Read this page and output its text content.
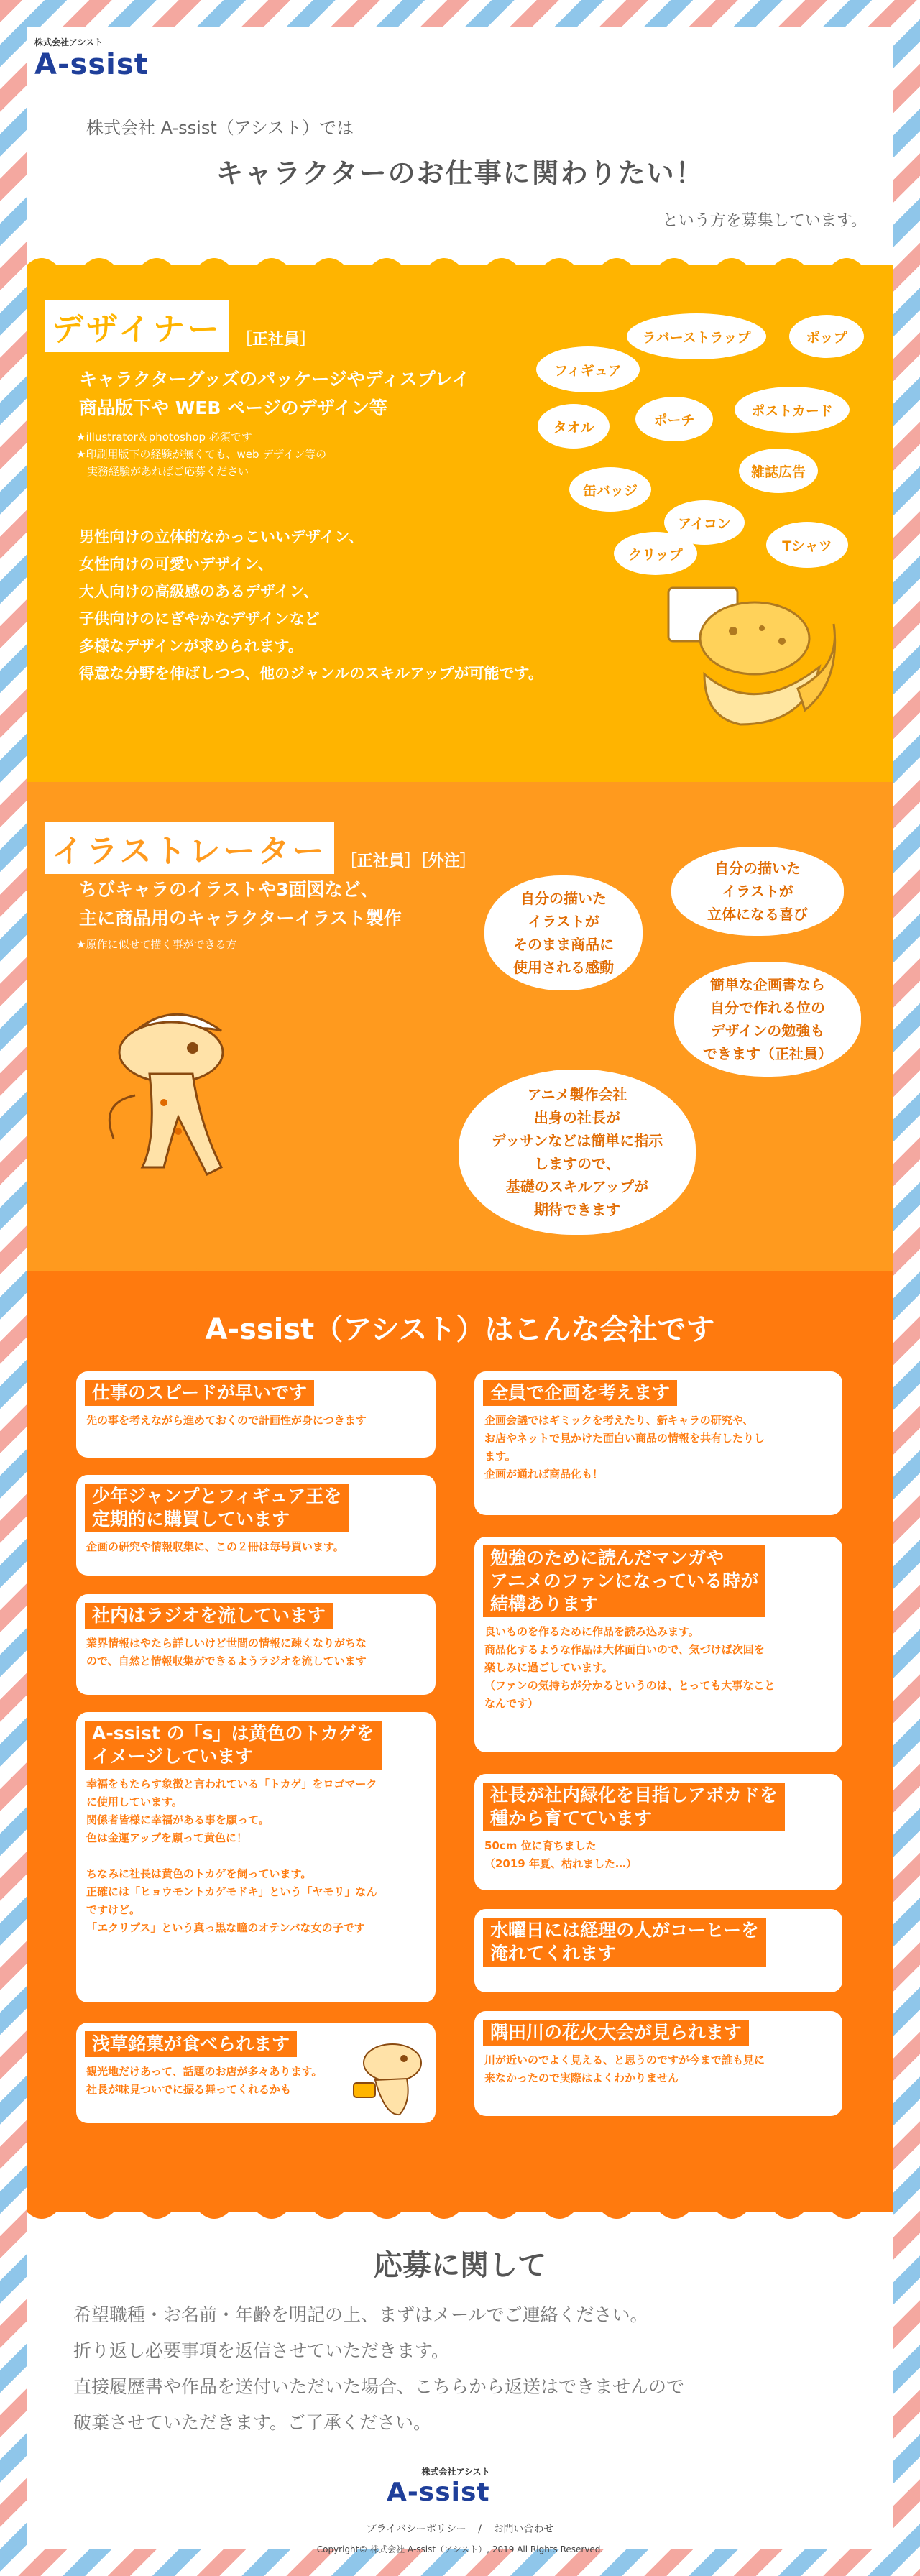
株式会社アシスト
A-ssist
株式会社 A-ssist（アシスト）では
キャラクターのお仕事に関わりたい！
という方を募集しています。
デザイナー ［正社員］
キャラクターグッズのパッケージやディスプレイ
商品版下や WEB ページのデザイン等
★illustrator＆photoshop 必須です
★印刷用版下の経験が無くても、web デザイン等の
　実務経験があればご応募ください
男性向けの立体的なかっこいいデザイン、
女性向けの可愛いデザイン、
大人向けの高級感のあるデザイン、
子供向けのにぎやかなデザインなど
多様なデザインが求められます。
得意な分野を伸ばしつつ、他のジャンルのスキルアップが可能です。
ラバーストラップ	ポップ
フィギュア
タオル	ポーチ
ポストカード
雑誌広告
缶バッジ
アイコン
Tシャツ
クリップ
イラストレーター ［正社員］［外注］
ちびキャラのイラストや3面図など、
主に商品用のキャラクターイラスト製作
★原作に似せて描く事ができる方
自分の描いた
イラストが
そのまま商品に
使用される感動
自分の描いた
イラストが
立体になる喜び
簡単な企画書なら
自分で作れる位の
デザインの勉強も
できます（正社員）
アニメ製作会社
出身の社長が
デッサンなどは簡単に指示
しますので、
基礎のスキルアップが
期待できます
A-ssist（アシスト）はこんな会社です
仕事のスピードが早いです
先の事を考えながら進めておくので計画性が身につきます
少年ジャンプとフィギュア王を
定期的に購買しています
企画の研究や情報収集に、この２冊は毎号買います。
社内はラジオを流しています
業界情報はやたら詳しいけど世間の情報に疎くなりがちな
ので、自然と情報収集ができるようラジオを流しています
A-ssist の「s」は黄色のトカゲを
イメージしています
幸福をもたらす象徴と言われている「トカゲ」をロゴマーク
に使用しています。
関係者皆様に幸福がある事を願って。
色は金運アップを願って黄色に！

ちなみに社長は黄色のトカゲを飼っています。
正確には「ヒョウモントカゲモドキ」という「ヤモリ」なん
ですけど。
「エクリプス」という真っ黒な瞳のオテンバな女の子です
浅草銘菓が食べられます
観光地だけあって、話題のお店が多々あります。
社長が味見ついでに振る舞ってくれるかも
全員で企画を考えます
企画会議ではギミックを考えたり、新キャラの研究や、
お店やネットで見かけた面白い商品の情報を共有したりし
ます。
企画が通れば商品化も！
勉強のために読んだマンガや
アニメのファンになっている時が
結構あります
良いものを作るために作品を読み込みます。
商品化するような作品は大体面白いので、気づけば次回を
楽しみに過ごしています。
（ファンの気持ちが分かるというのは、とっても大事なこと
なんです）
社長が社内緑化を目指しアボカドを
種から育てています
50cm 位に育ちました
（2019 年夏、枯れました…）
水曜日には経理の人がコーヒーを
淹れてくれます
隅田川の花火大会が見られます
川が近いのでよく見える、と思うのですが今まで誰も見に
来なかったので実際はよくわかりません
応募に関して
希望職種・お名前・年齢を明記の上、まずはメールでご連絡ください。
折り返し必要事項を返信させていただきます。
直接履歴書や作品を送付いただいた場合、こちらから返送はできませんので
破棄させていただきます。ご了承ください。
株式会社アシスト
A-ssist
プライバシーポリシー / お問い合わせ
Copyright© 株式会社 A-ssist（アシスト）, 2019 All Rights Reserved.
